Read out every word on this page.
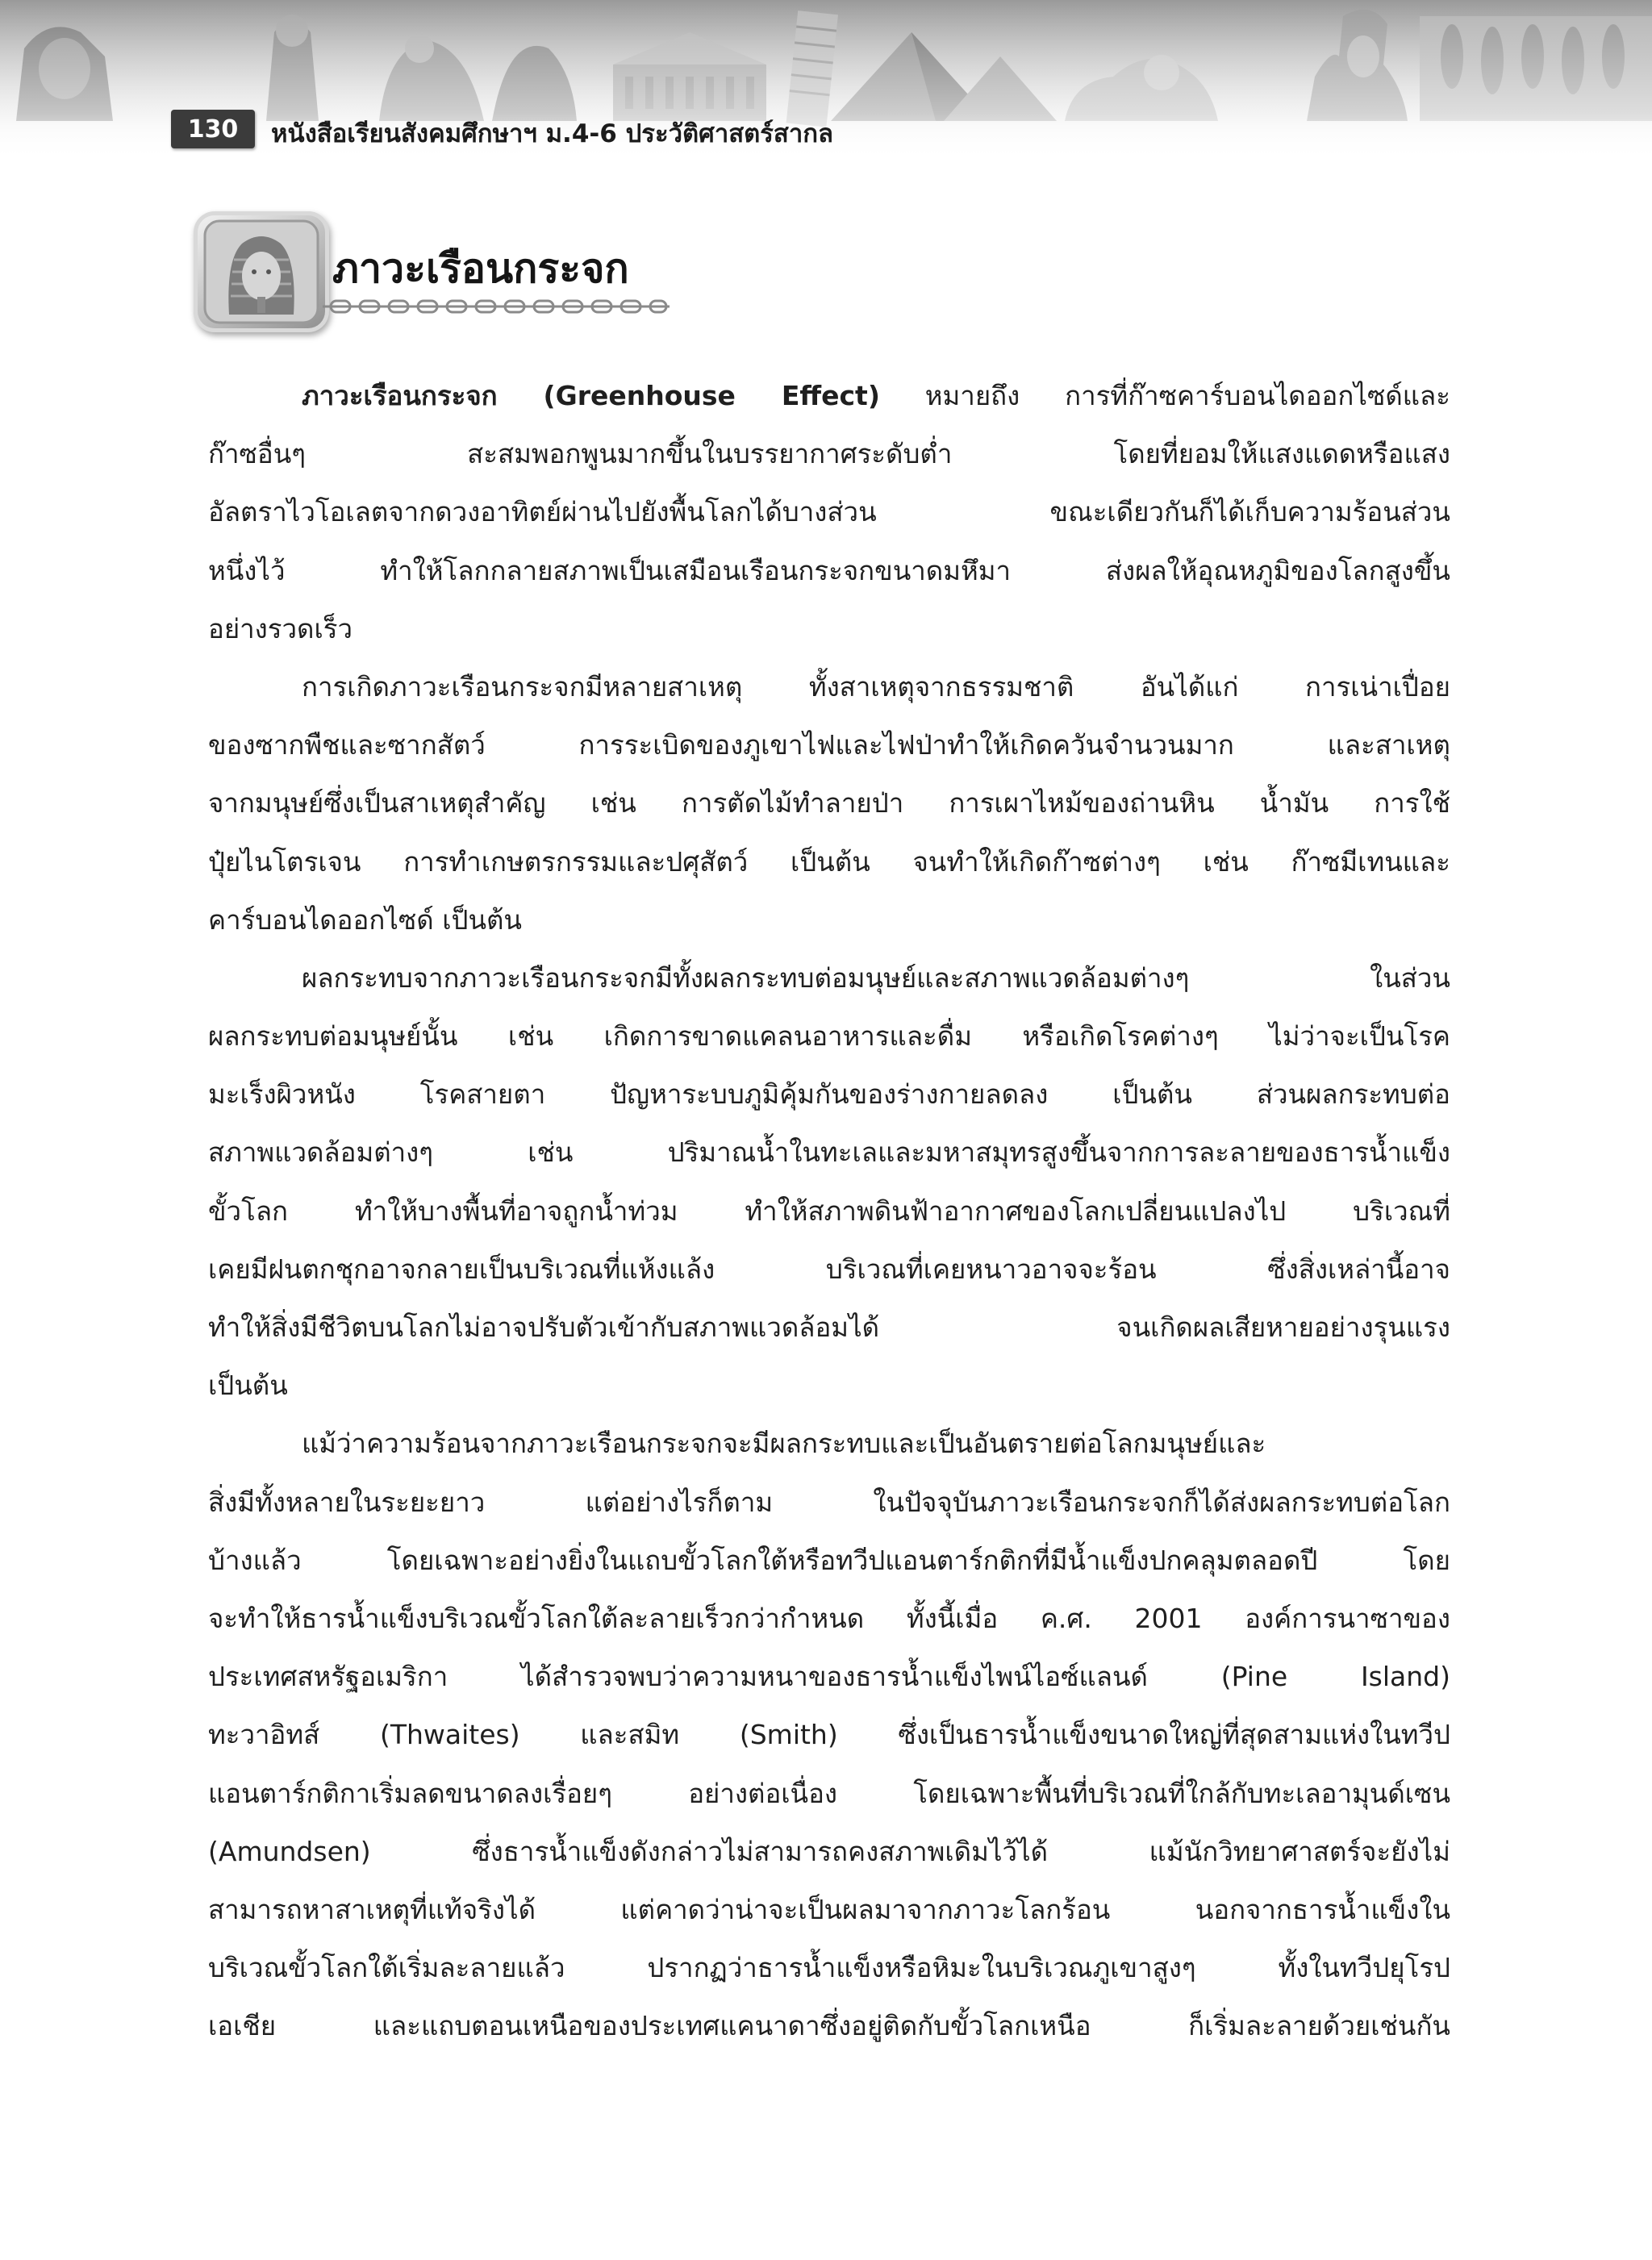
130	หนังสือเรียนสังคมศึกษาฯ ม.4-6 ประวัติศาสตร์สากล
ภาวะเรือนกระจก
ภาวะเรือนกระจก (Greenhouse Effect) หมายถึง การที่ก๊าซคาร์บอนไดออกไซด์และ
ก๊าซอื่นๆ สะสมพอกพูนมากขึ้นในบรรยากาศระดับต่ำ โดยที่ยอมให้แสงแดดหรือแสง
อัลตราไวโอเลตจากดวงอาทิตย์ผ่านไปยังพื้นโลกได้บางส่วน ขณะเดียวกันก็ได้เก็บความร้อนส่วน
หนึ่งไว้ ทำให้โลกกลายสภาพเป็นเสมือนเรือนกระจกขนาดมหึมา ส่งผลให้อุณหภูมิของโลกสูงขึ้น
อย่างรวดเร็ว
การเกิดภาวะเรือนกระจกมีหลายสาเหตุ ทั้งสาเหตุจากธรรมชาติ อันได้แก่ การเน่าเปื่อย
ของซากพืชและซากสัตว์ การระเบิดของภูเขาไฟและไฟป่าทำให้เกิดควันจำนวนมาก และสาเหตุ
จากมนุษย์ซึ่งเป็นสาเหตุสำคัญ เช่น การตัดไม้ทำลายป่า การเผาไหม้ของถ่านหิน น้ำมัน การใช้
ปุ๋ยไนโตรเจน การทำเกษตรกรรมและปศุสัตว์ เป็นต้น จนทำให้เกิดก๊าซต่างๆ เช่น ก๊าซมีเทนและ
คาร์บอนไดออกไซด์ เป็นต้น
ผลกระทบจากภาวะเรือนกระจกมีทั้งผลกระทบต่อมนุษย์และสภาพแวดล้อมต่างๆ ในส่วน
ผลกระทบต่อมนุษย์นั้น เช่น เกิดการขาดแคลนอาหารและดื่ม หรือเกิดโรคต่างๆ ไม่ว่าจะเป็นโรค
มะเร็งผิวหนัง โรคสายตา ปัญหาระบบภูมิคุ้มกันของร่างกายลดลง เป็นต้น ส่วนผลกระทบต่อ
สภาพแวดล้อมต่างๆ เช่น ปริมาณน้ำในทะเลและมหาสมุทรสูงขึ้นจากการละลายของธารน้ำแข็ง
ขั้วโลก ทำให้บางพื้นที่อาจถูกน้ำท่วม ทำให้สภาพดินฟ้าอากาศของโลกเปลี่ยนแปลงไป บริเวณที่
เคยมีฝนตกชุกอาจกลายเป็นบริเวณที่แห้งแล้ง บริเวณที่เคยหนาวอาจจะร้อน ซึ่งสิ่งเหล่านี้อาจ
ทำให้สิ่งมีชีวิตบนโลกไม่อาจปรับตัวเข้ากับสภาพแวดล้อมได้ จนเกิดผลเสียหายอย่างรุนแรง
เป็นต้น
แม้ว่าความร้อนจากภาวะเรือนกระจกจะมีผลกระทบและเป็นอันตรายต่อโลกมนุษย์และ
สิ่งมีทั้งหลายในระยะยาว แต่อย่างไรก็ตาม ในปัจจุบันภาวะเรือนกระจกก็ได้ส่งผลกระทบต่อโลก
บ้างแล้ว โดยเฉพาะอย่างยิ่งในแถบขั้วโลกใต้หรือทวีปแอนตาร์กติกที่มีน้ำแข็งปกคลุมตลอดปี โดย
จะทำให้ธารน้ำแข็งบริเวณขั้วโลกใต้ละลายเร็วกว่ากำหนด ทั้งนี้เมื่อ ค.ศ. 2001 องค์การนาซาของ
ประเทศสหรัฐอเมริกา ได้สำรวจพบว่าความหนาของธารน้ำแข็งไพน์ไอซ์แลนด์ (Pine Island)
ทะวาอิทส์ (Thwaites) และสมิท (Smith) ซึ่งเป็นธารน้ำแข็งขนาดใหญ่ที่สุดสามแห่งในทวีป
แอนตาร์กติกาเริ่มลดขนาดลงเรื่อยๆ อย่างต่อเนื่อง โดยเฉพาะพื้นที่บริเวณที่ใกล้กับทะเลอามุนด์เซน
(Amundsen) ซึ่งธารน้ำแข็งดังกล่าวไม่สามารถคงสภาพเดิมไว้ได้ แม้นักวิทยาศาสตร์จะยังไม่
สามารถหาสาเหตุที่แท้จริงได้ แต่คาดว่าน่าจะเป็นผลมาจากภาวะโลกร้อน นอกจากธารน้ำแข็งใน
บริเวณขั้วโลกใต้เริ่มละลายแล้ว ปรากฏว่าธารน้ำแข็งหรือหิมะในบริเวณภูเขาสูงๆ ทั้งในทวีปยุโรป
เอเชีย และแถบตอนเหนือของประเทศแคนาดาซึ่งอยู่ติดกับขั้วโลกเหนือ ก็เริ่มละลายด้วยเช่นกัน
